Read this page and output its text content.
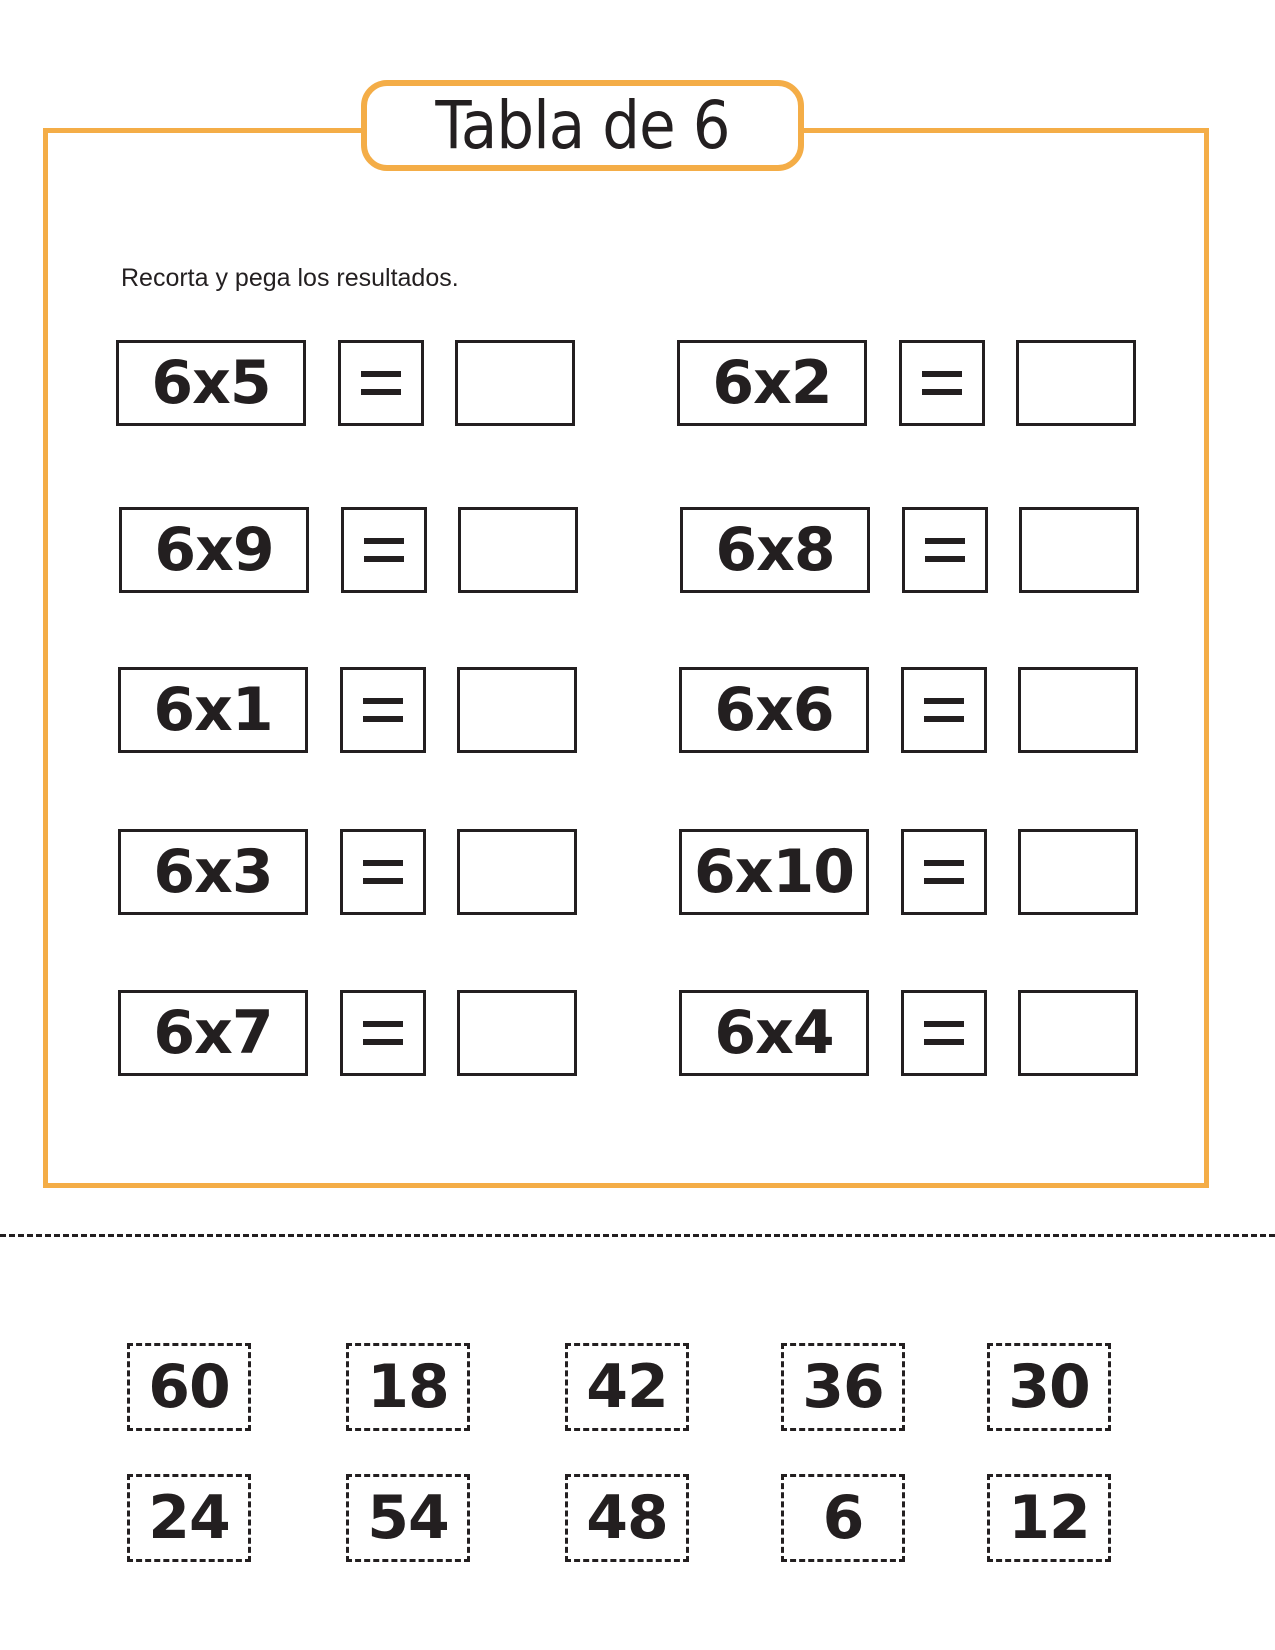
Tabla de 6
Recorta y pega los resultados.
6x5	6x2
6x9	6x8
6x1	6x6
6x3	6x10
6x7	6x4
60	18	42	36	30
24	54	48	6	12
